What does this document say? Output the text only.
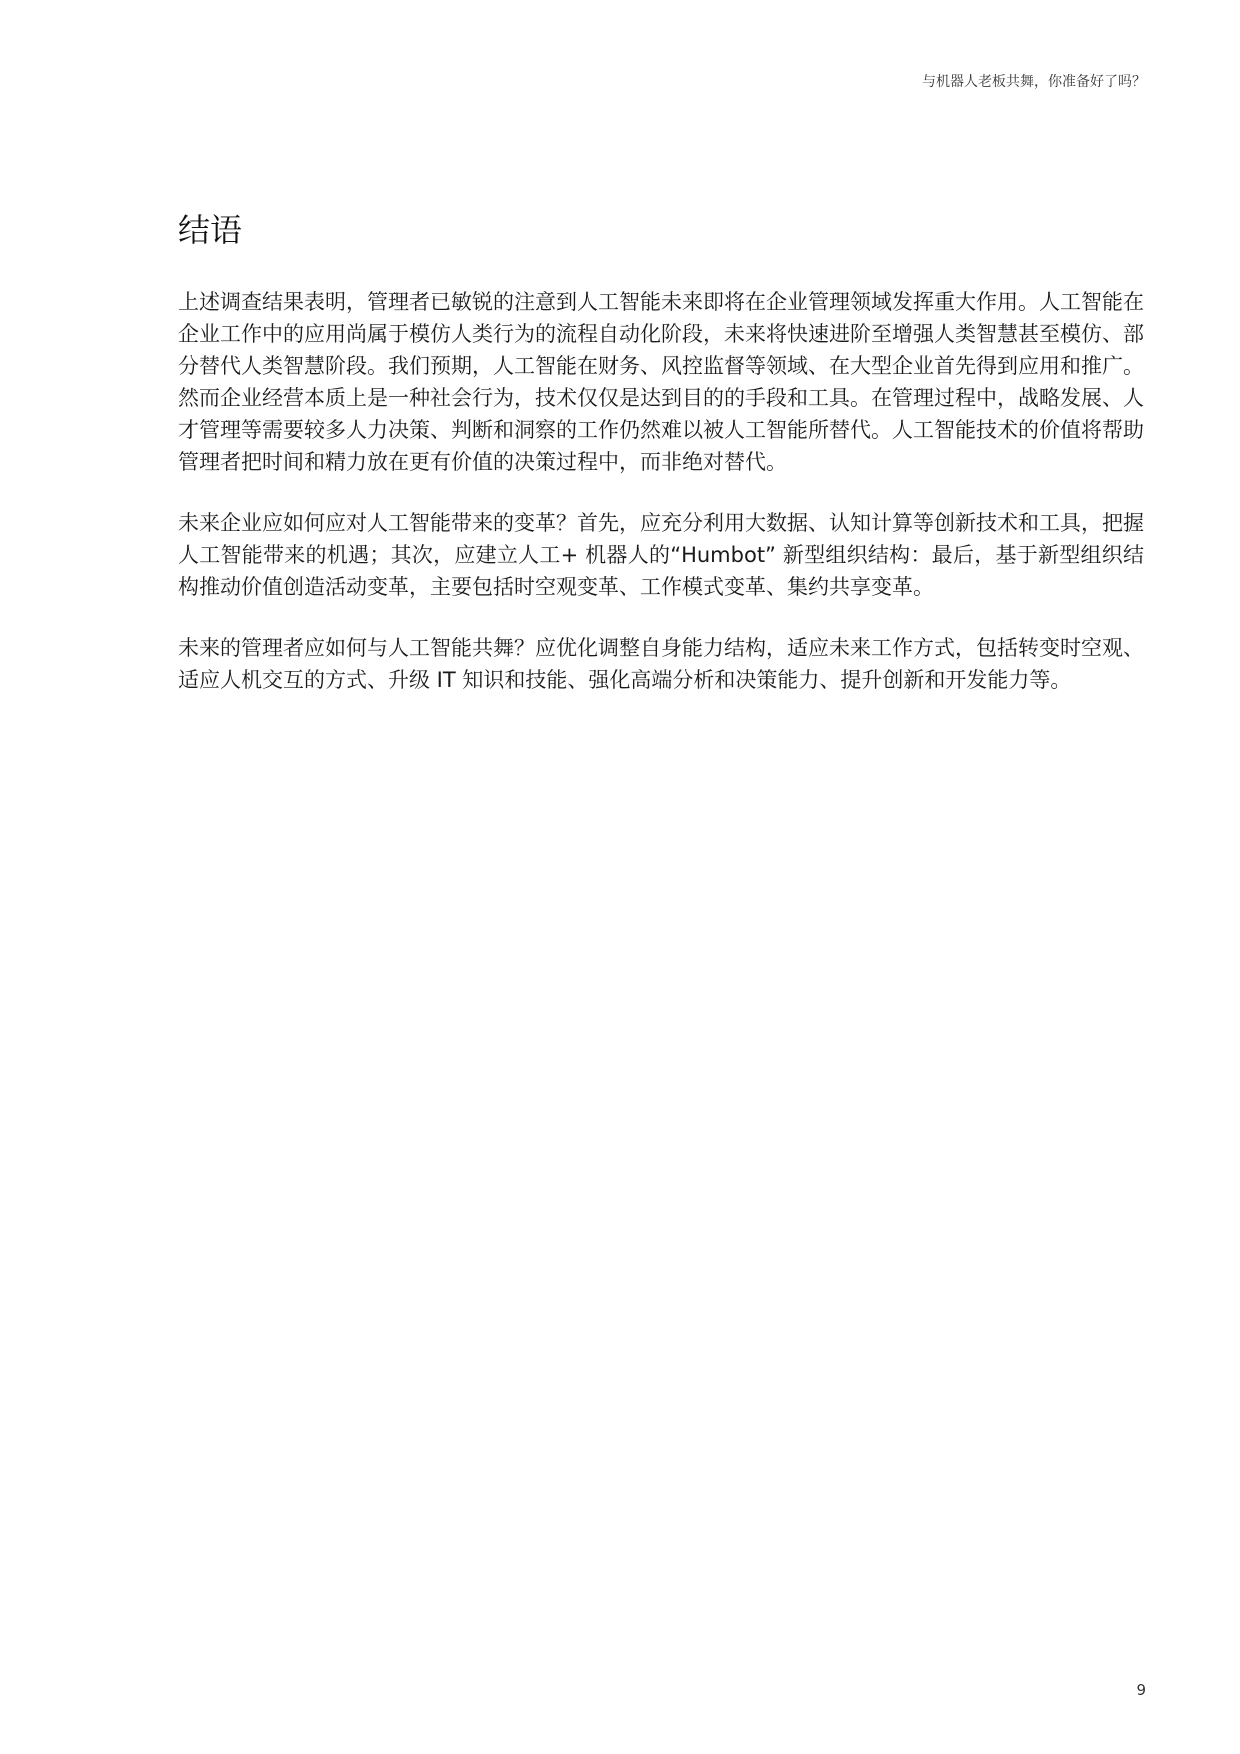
与机器人老板共舞，你准备好了吗？
结语

上述调查结果表明，管理者已敏锐的注意到人工智能未来即将在企业管理领域发挥重大作用。人工智能在企业工作中的应用尚属于模仿人类行为的流程自动化阶段，未来将快速进阶至增强人类智慧甚至模仿、部分替代人类智慧阶段。我们预期，人工智能在财务、风控监督等领域、在大型企业首先得到应用和推广。然而企业经营本质上是一种社会行为，技术仅仅是达到目的的手段和工具。在管理过程中，战略发展、人才管理等需要较多人力决策、判断和洞察的工作仍然难以被人工智能所替代。人工智能技术的价值将帮助管理者把时间和精力放在更有价值的决策过程中，而非绝对替代。

未来企业应如何应对人工智能带来的变革？首先，应充分利用大数据、认知计算等创新技术和工具，把握人工智能带来的机遇；其次，应建立人工+ 机器人的“Humbot” 新型组织结构：最后，基于新型组织结构推动价值创造活动变革，主要包括时空观变革、工作模式变革、集约共享变革。

未来的管理者应如何与人工智能共舞？应优化调整自身能力结构，适应未来工作方式，包括转变时空观、适应人机交互的方式、升级 IT 知识和技能、强化高端分析和决策能力、提升创新和开发能力等。

9
